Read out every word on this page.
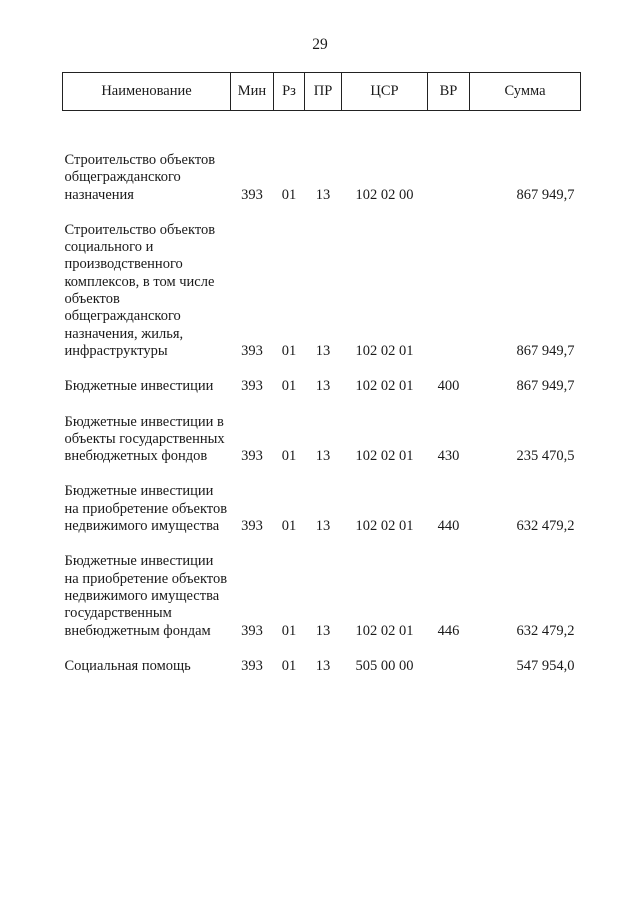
29
Наименование	Мин	Рз	ПР	ЦСР	ВР	Сумма

Строительство объектов общегражданского назначения	393	01	13	102 02 00		867 949,7

Строительство объектов социального и производственного комплексов, в том числе объектов общегражданского назначения, жилья, инфраструктуры	393	01	13	102 02 01		867 949,7

Бюджетные инвестиции	393	01	13	102 02 01	400	867 949,7

Бюджетные инвестиции в объекты государственных внебюджетных фондов	393	01	13	102 02 01	430	235 470,5

Бюджетные инвестиции на приобретение объектов недвижимого имущества	393	01	13	102 02 01	440	632 479,2

Бюджетные инвестиции на приобретение объектов недвижимого имущества государственным внебюджетным фондам	393	01	13	102 02 01	446	632 479,2

Социальная помощь	393	01	13	505 00 00		547 954,0
